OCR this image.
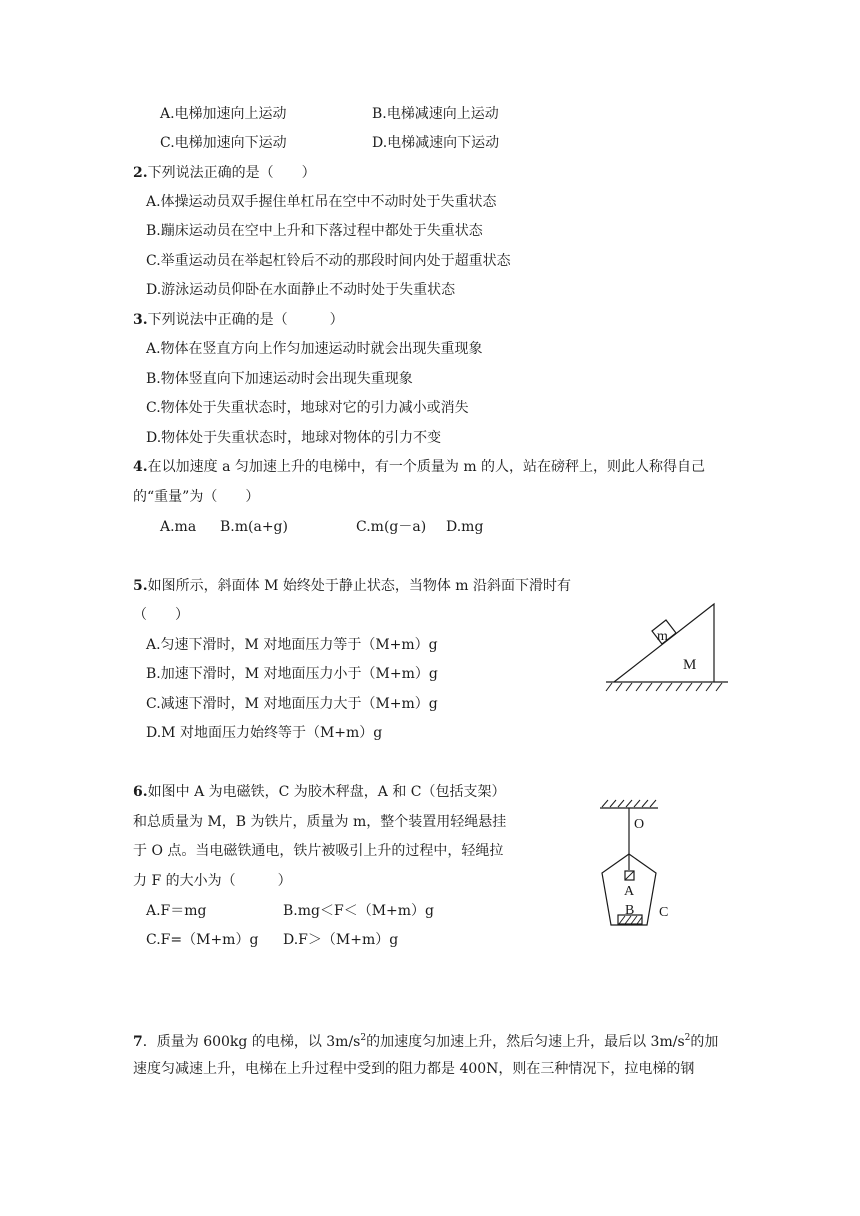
A.电梯加速向上运动	B.电梯减速向上运动
C.电梯加速向下运动	D.电梯减速向下运动
2.下列说法正确的是（　　）
A.体操运动员双手握住单杠吊在空中不动时处于失重状态
B.蹦床运动员在空中上升和下落过程中都处于失重状态
C.举重运动员在举起杠铃后不动的那段时间内处于超重状态
D.游泳运动员仰卧在水面静止不动时处于失重状态
3.下列说法中正确的是（　　　）
A.物体在竖直方向上作匀加速运动时就会出现失重现象
B.物体竖直向下加速运动时会出现失重现象
C.物体处于失重状态时，地球对它的引力减小或消失
D.物体处于失重状态时，地球对物体的引力不变
4.在以加速度 a 匀加速上升的电梯中，有一个质量为 m 的人，站在磅秤上，则此人称得自己
的“重量”为（　　）
A.ma B.m(a+g)	C.m(g－a) D.mg
5.如图所示，斜面体 M 始终处于静止状态，当物体 m 沿斜面下滑时有
（　　）
A.匀速下滑时，M 对地面压力等于（M+m）g
B.加速下滑时，M 对地面压力小于（M+m）g
C.减速下滑时，M 对地面压力大于（M+m）g
D.M 对地面压力始终等于（M+m）g
m
M
6.如图中 A 为电磁铁，C 为胶木秤盘，A 和 C（包括支架）
和总质量为 M，B 为铁片，质量为 m，整个装置用轻绳悬挂
于 O 点。当电磁铁通电，铁片被吸引上升的过程中，轻绳拉
力 F 的大小为（　　　）
A.F＝mg	B.mg＜F＜（M+m）g
C.F=（M+m）g D.F＞（M+m）g
O
A
B C
7．质量为 600kg 的电梯，以 $3m/s^2$的加速度匀加速上升，然后匀速上升，最后以 $3m/s^2$的加
速度匀减速上升，电梯在上升过程中受到的阻力都是 400N，则在三种情况下，拉电梯的钢
